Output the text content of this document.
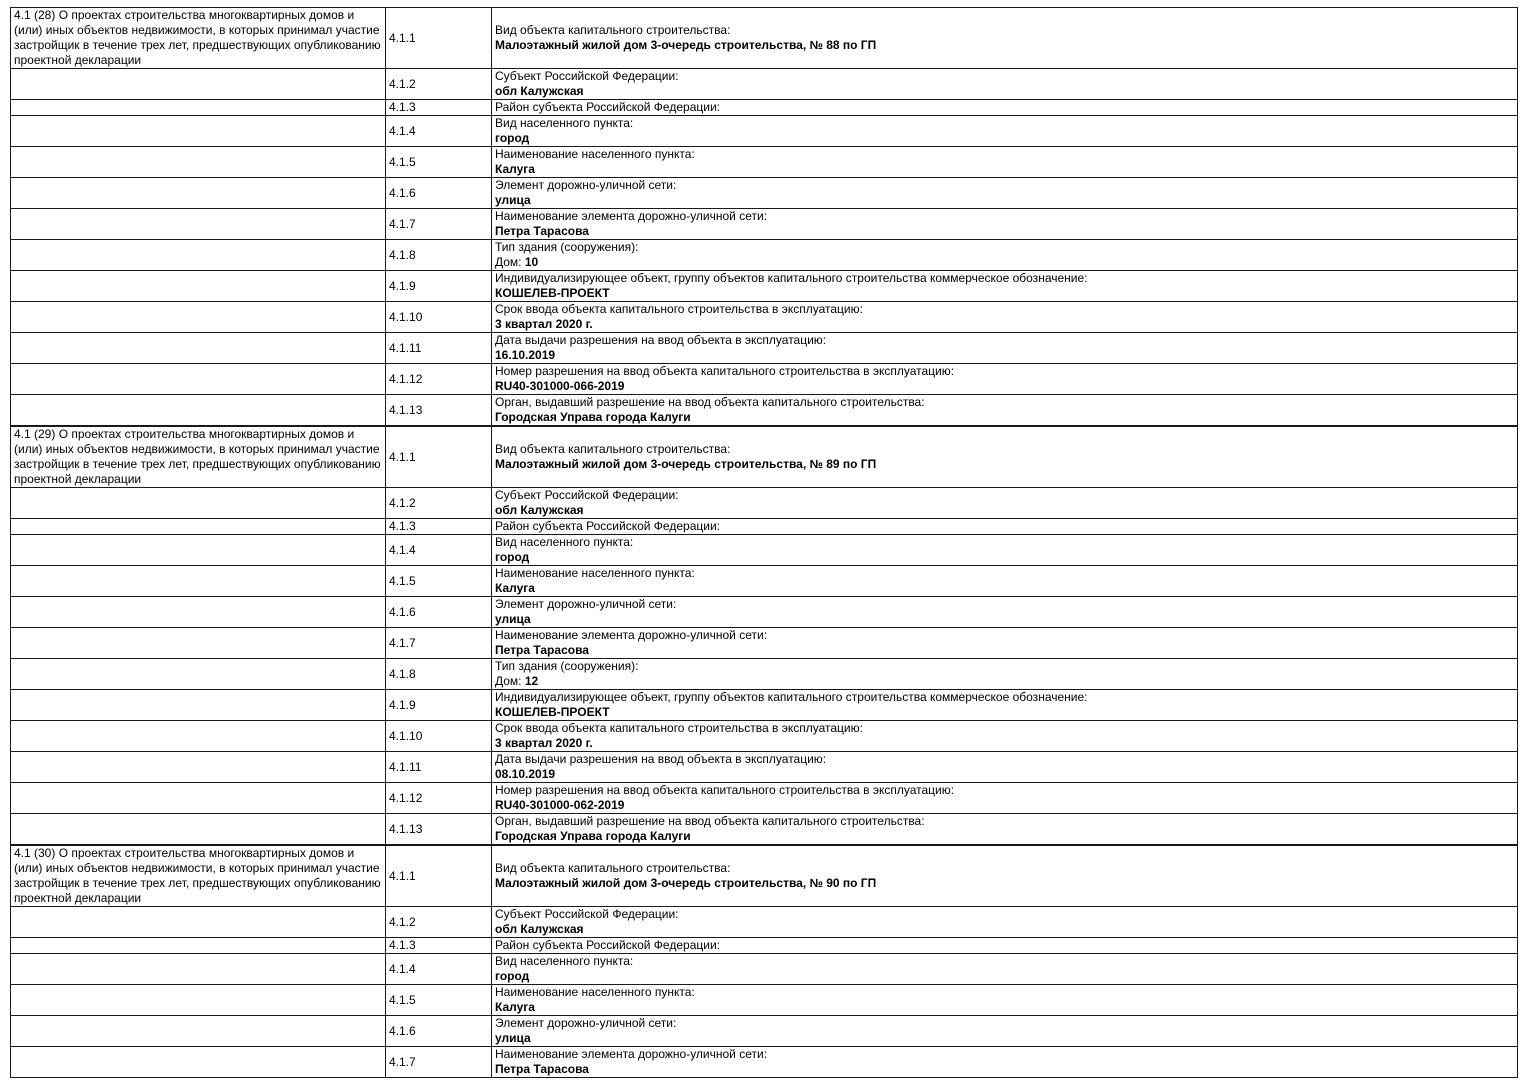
4.1 (28) О проектах строительства многоквартирных домов и (или) иных объектов недвижимости, в которых принимал участие застройщик в течение трех лет, предшествующих опубликованию проектной декларации	4.1.1	Вид объекта капитального строительства:
Малоэтажный жилой дом 3-очередь строительства, № 88 по ГП

	4.1.2	Субъект Российской Федерации:
обл Калужская

	4.1.3	Район субъекта Российской Федерации:

	4.1.4	Вид населенного пункта:
город

	4.1.5	Наименование населенного пункта:
Калуга

	4.1.6	Элемент дорожно-уличной сети:
улица

	4.1.7	Наименование элемента дорожно-уличной сети:
Петра Тарасова

	4.1.8	Тип здания (сооружения):
Дом: 10

	4.1.9	Индивидуализирующее объект, группу объектов капитального строительства коммерческое обозначение:
КОШЕЛЕВ-ПРОЕКТ

	4.1.10	Срок ввода объекта капитального строительства в эксплуатацию:
3 квартал 2020 г.

	4.1.11	Дата выдачи разрешения на ввод объекта в эксплуатацию:
16.10.2019

	4.1.12	Номер разрешения на ввод объекта капитального строительства в эксплуатацию:
RU40-301000-066-2019

	4.1.13	Орган, выдавший разрешение на ввод объекта капитального строительства:
Городская Управа города Калуги
4.1 (29) О проектах строительства многоквартирных домов и (или) иных объектов недвижимости, в которых принимал участие застройщик в течение трех лет, предшествующих опубликованию проектной декларации	4.1.1	Вид объекта капитального строительства:
Малоэтажный жилой дом 3-очередь строительства, № 89 по ГП

	4.1.2	Субъект Российской Федерации:
обл Калужская

	4.1.3	Район субъекта Российской Федерации:

	4.1.4	Вид населенного пункта:
город

	4.1.5	Наименование населенного пункта:
Калуга

	4.1.6	Элемент дорожно-уличной сети:
улица

	4.1.7	Наименование элемента дорожно-уличной сети:
Петра Тарасова

	4.1.8	Тип здания (сооружения):
Дом: 12

	4.1.9	Индивидуализирующее объект, группу объектов капитального строительства коммерческое обозначение:
КОШЕЛЕВ-ПРОЕКТ

	4.1.10	Срок ввода объекта капитального строительства в эксплуатацию:
3 квартал 2020 г.

	4.1.11	Дата выдачи разрешения на ввод объекта в эксплуатацию:
08.10.2019

	4.1.12	Номер разрешения на ввод объекта капитального строительства в эксплуатацию:
RU40-301000-062-2019

	4.1.13	Орган, выдавший разрешение на ввод объекта капитального строительства:
Городская Управа города Калуги
4.1 (30) О проектах строительства многоквартирных домов и (или) иных объектов недвижимости, в которых принимал участие застройщик в течение трех лет, предшествующих опубликованию проектной декларации	4.1.1	Вид объекта капитального строительства:
Малоэтажный жилой дом 3-очередь строительства, № 90 по ГП

	4.1.2	Субъект Российской Федерации:
обл Калужская

	4.1.3	Район субъекта Российской Федерации:

	4.1.4	Вид населенного пункта:
город

	4.1.5	Наименование населенного пункта:
Калуга

	4.1.6	Элемент дорожно-уличной сети:
улица

	4.1.7	Наименование элемента дорожно-уличной сети:
Петра Тарасова
